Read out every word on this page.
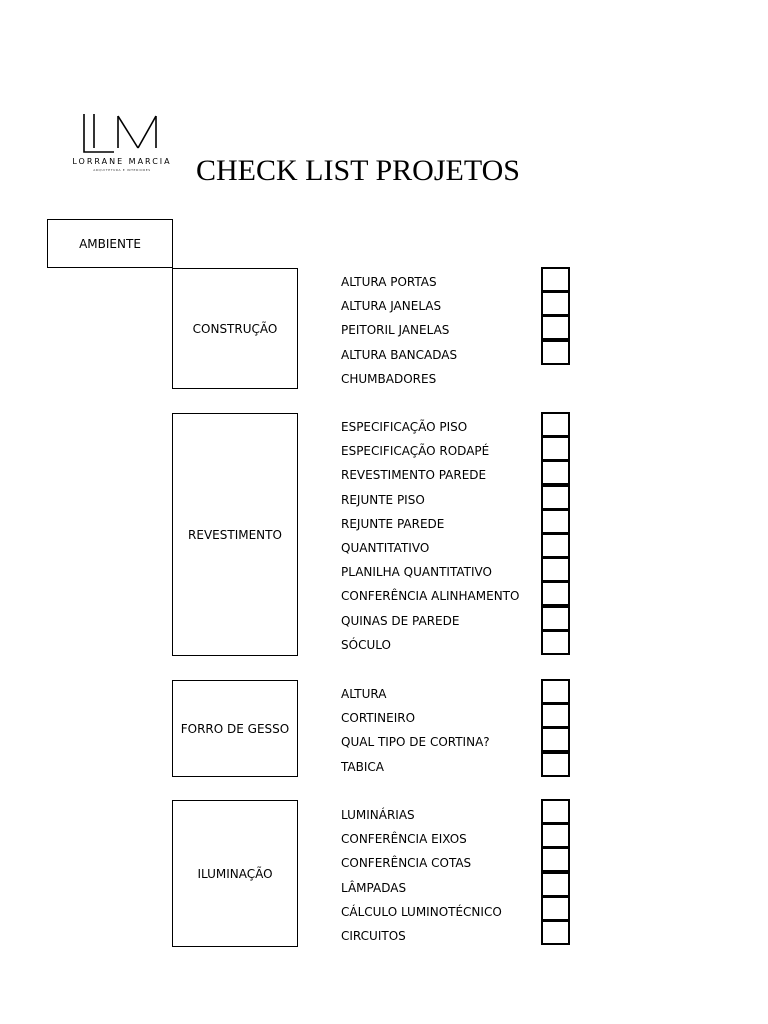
LORRANE MARCIA
ARQUITETURA E INTERIORES	CHECK LIST PROJETOS
AMBIENTE
CONSTRUÇÃO
ALTURA PORTAS
ALTURA JANELAS
PEITORIL JANELAS
ALTURA BANCADAS
CHUMBADORES
REVESTIMENTO
ESPECIFICAÇÃO PISO
ESPECIFICAÇÃO RODAPÉ
REVESTIMENTO PAREDE
REJUNTE PISO
REJUNTE PAREDE
QUANTITATIVO
PLANILHA QUANTITATIVO
CONFERÊNCIA ALINHAMENTO
QUINAS DE PAREDE
SÓCULO
FORRO DE GESSO
ALTURA
CORTINEIRO
QUAL TIPO DE CORTINA?
TABICA
ILUMINAÇÃO
LUMINÁRIAS
CONFERÊNCIA EIXOS
CONFERÊNCIA COTAS
LÂMPADAS
CÁLCULO LUMINOTÉCNICO
CIRCUITOS
